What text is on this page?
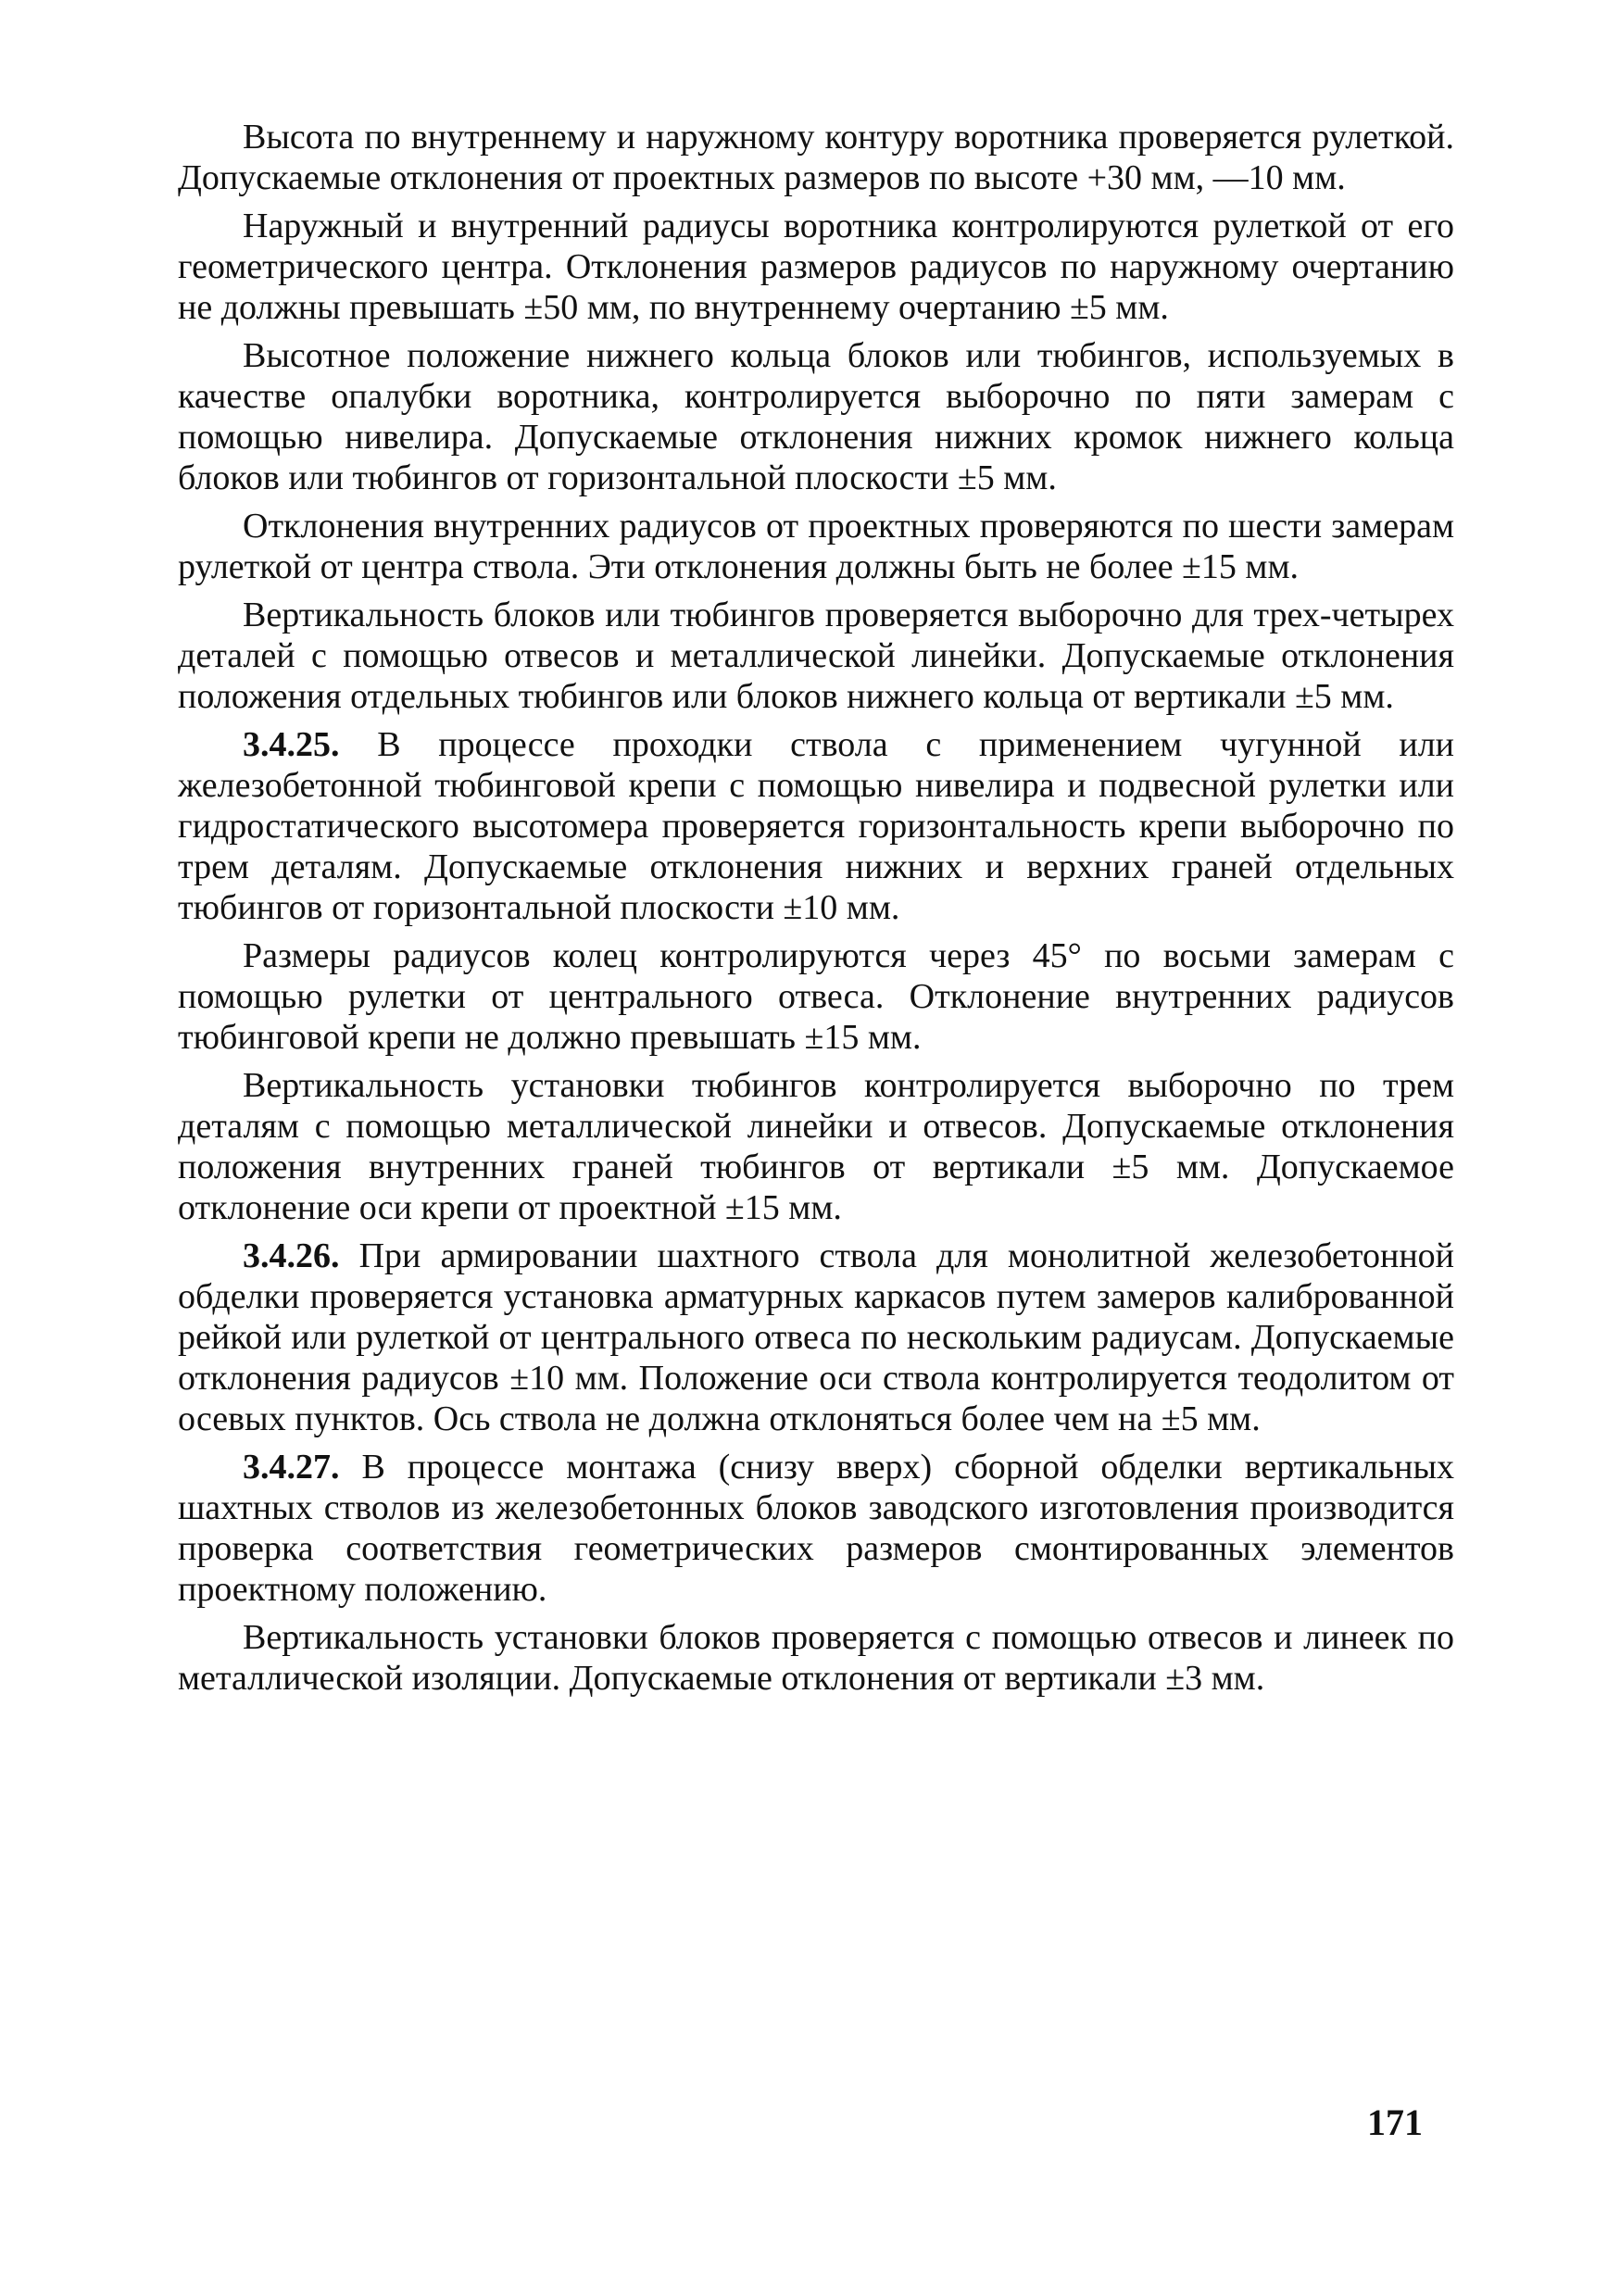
Высота по внутреннему и наружному контуру воротника проверяется рулеткой. Допускаемые отклонения от проектных размеров по высоте +30 мм, —10 мм.

Наружный и внутренний радиусы воротника контролируются рулеткой от его геометрического центра. Отклонения размеров радиусов по наружному очертанию не должны превышать ±50 мм, по внутреннему очертанию ±5 мм.

Высотное положение нижнего кольца блоков или тюбингов, используемых в качестве опалубки воротника, контролируется выборочно по пяти замерам с помощью нивелира. Допускаемые отклонения нижних кромок нижнего кольца блоков или тюбингов от горизонтальной плоскости ±5 мм.

Отклонения внутренних радиусов от проектных проверяются по шести замерам рулеткой от центра ствола. Эти отклонения должны быть не более ±15 мм.

Вертикальность блоков или тюбингов проверяется выборочно для трех-четырех деталей с помощью отвесов и металлической линейки. Допускаемые отклонения положения отдельных тюбингов или блоков нижнего кольца от вертикали ±5 мм.

3.4.25. В процессе проходки ствола с применением чугунной или железобетонной тюбинговой крепи с помощью нивелира и подвесной рулетки или гидростатического высотомера проверяется горизонтальность крепи выборочно по трем деталям. Допускаемые отклонения нижних и верхних граней отдельных тюбингов от горизонтальной плоскости ±10 мм.

Размеры радиусов колец контролируются через 45° по восьми замерам с помощью рулетки от центрального отвеса. Отклонение внутренних радиусов тюбинговой крепи не должно превышать ±15 мм.

Вертикальность установки тюбингов контролируется выборочно по трем деталям с помощью металлической линейки и отвесов. Допускаемые отклонения положения внутренних граней тюбингов от вертикали ±5 мм. Допускаемое отклонение оси крепи от проектной ±15 мм.

3.4.26. При армировании шахтного ствола для монолитной железобетонной обделки проверяется установка арматурных каркасов путем замеров калиброванной рейкой или рулеткой от центрального отвеса по нескольким радиусам. Допускаемые отклонения радиусов ±10 мм. Положение оси ствола контролируется теодолитом от осевых пунктов. Ось ствола не должна отклоняться более чем на ±5 мм.

3.4.27. В процессе монтажа (снизу вверх) сборной обделки вертикальных шахтных стволов из железобетонных блоков заводского изготовления производится проверка соответствия геометрических размеров смонтированных элементов проектному положению.

Вертикальность установки блоков проверяется с помощью отвесов и линеек по металлической изоляции. Допускаемые отклонения от вертикали ±3 мм.

171
